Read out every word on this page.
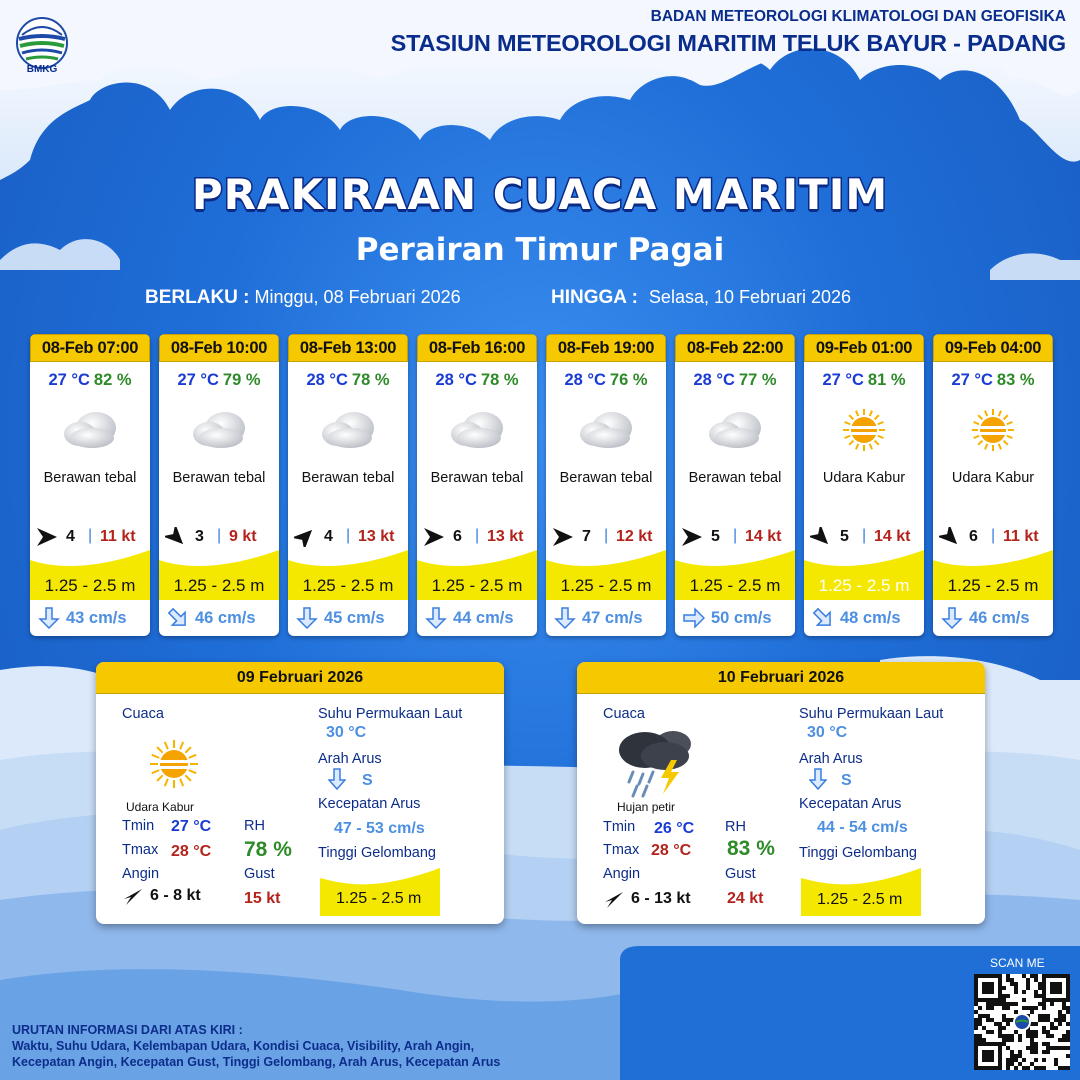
BMKG
BADAN METEOROLOGI KLIMATOLOGI DAN GEOFISIKA
STASIUN METEOROLOGI MARITIM TELUK BAYUR - PADANG
PRAKIRAAN CUACA MARITIM
Perairan Timur Pagai
BERLAKU : Minggu, 08 Februari 2026	HINGGA : Selasa, 10 Februari 2026
08-Feb 07:00
27 °C 82 %
Berawan tebal
4 | 11 kt
1.25 - 2.5 m
43 cm/s
08-Feb 10:00
27 °C 79 %
Berawan tebal
3 | 9 kt
1.25 - 2.5 m
46 cm/s
08-Feb 13:00
28 °C 78 %
Berawan tebal
4 | 13 kt
1.25 - 2.5 m
45 cm/s
08-Feb 16:00
28 °C 78 %
Berawan tebal
6 | 13 kt
1.25 - 2.5 m
44 cm/s
08-Feb 19:00
28 °C 76 %
Berawan tebal
7 | 12 kt
1.25 - 2.5 m
47 cm/s
08-Feb 22:00
28 °C 77 %
Berawan tebal
5 | 14 kt
1.25 - 2.5 m
50 cm/s
09-Feb 01:00
27 °C 81 %
Udara Kabur
5 | 14 kt
1.25 - 2.5 m
48 cm/s
09-Feb 04:00
27 °C 83 %
Udara Kabur
6 | 11 kt
1.25 - 2.5 m
46 cm/s
09 Februari 2026
Cuaca
Udara Kabur
Tmin 27 °C
Tmax 28 °C
Angin
6 - 8 kt
RH
78 %
Gust
15 kt
Suhu Permukaan Laut
30 °C
Arah Arus
S
Kecepatan Arus
47 - 53 cm/s
Tinggi Gelombang
1.25 - 2.5 m
10 Februari 2026
Cuaca
Hujan petir
Tmin 26 °C
Tmax 28 °C
Angin
6 - 13 kt
RH
83 %
Gust
24 kt
Suhu Permukaan Laut
30 °C
Arah Arus
S
Kecepatan Arus
44 - 54 cm/s
Tinggi Gelombang
1.25 - 2.5 m
URUTAN INFORMASI DARI ATAS KIRI :
Waktu, Suhu Udara, Kelembapan Udara, Kondisi Cuaca, Visibility, Arah Angin,
Kecepatan Angin, Kecepatan Gust, Tinggi Gelombang, Arah Arus, Kecepatan Arus
SCAN ME
